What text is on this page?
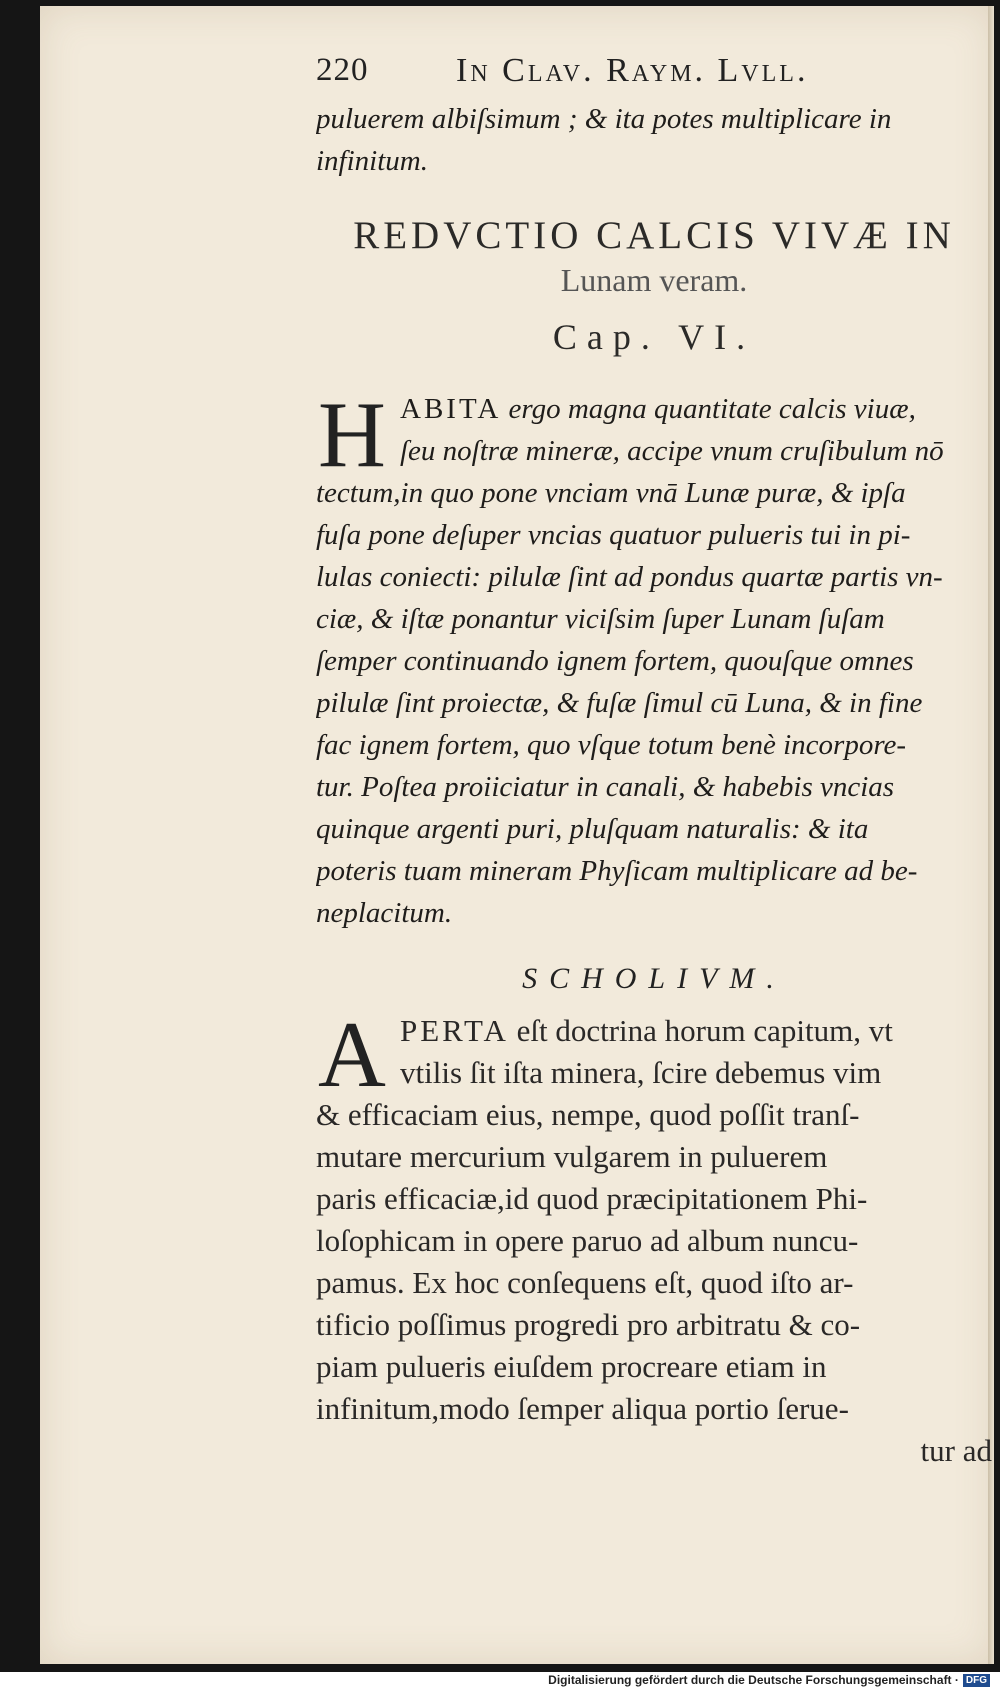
220	In Clav. Raym. Lvll.
puluerem albiſsimum ; & ita potes multiplicare in
infinitum.
REDVCTIO CALCIS VIVÆ IN
Lunam veram.
Cap. VI.
H ABITA ergo magna quantitate calcis viuæ,
ſeu noſtræ mineræ, accipe vnum cruſibulum nō
tectum,in quo pone vnciam vnā Lunæ puræ, & ipſa
fuſa pone deſuper vncias quatuor pulueris tui in pi-
lulas coniecti: pilulæ ſint ad pondus quartæ partis vn-
ciæ, & iſtæ ponantur viciſsim ſuper Lunam ſuſam
ſemper continuando ignem fortem, quouſque omnes
pilulæ ſint proiectæ, & fuſæ ſimul cū Luna, & in fine
fac ignem fortem, quo vſque totum benè incorpore-
tur. Poſtea proiiciatur in canali, & habebis vncias
quinque argenti puri, pluſquam naturalis: & ita
poteris tuam mineram Phyſicam multiplicare ad be-
neplacitum.
SCHOLIVM.
A PERTA eſt doctrina horum capitum, vt
vtilis ſit iſta minera, ſcire debemus vim
& efficaciam eius, nempe, quod poſſit tranſ-
mutare mercurium vulgarem in puluerem
paris efficaciæ,id quod præcipitationem Phi-
loſophicam in opere paruo ad album nuncu-
pamus. Ex hoc conſequens eſt, quod iſto ar-
tificio poſſimus progredi pro arbitratu & co-
piam pulueris eiuſdem procreare etiam in
infinitum,modo ſemper aliqua portio ſerue-
tur ad
Digitalisierung gefördert durch die Deutsche Forschungsgemeinschaft · DFG
